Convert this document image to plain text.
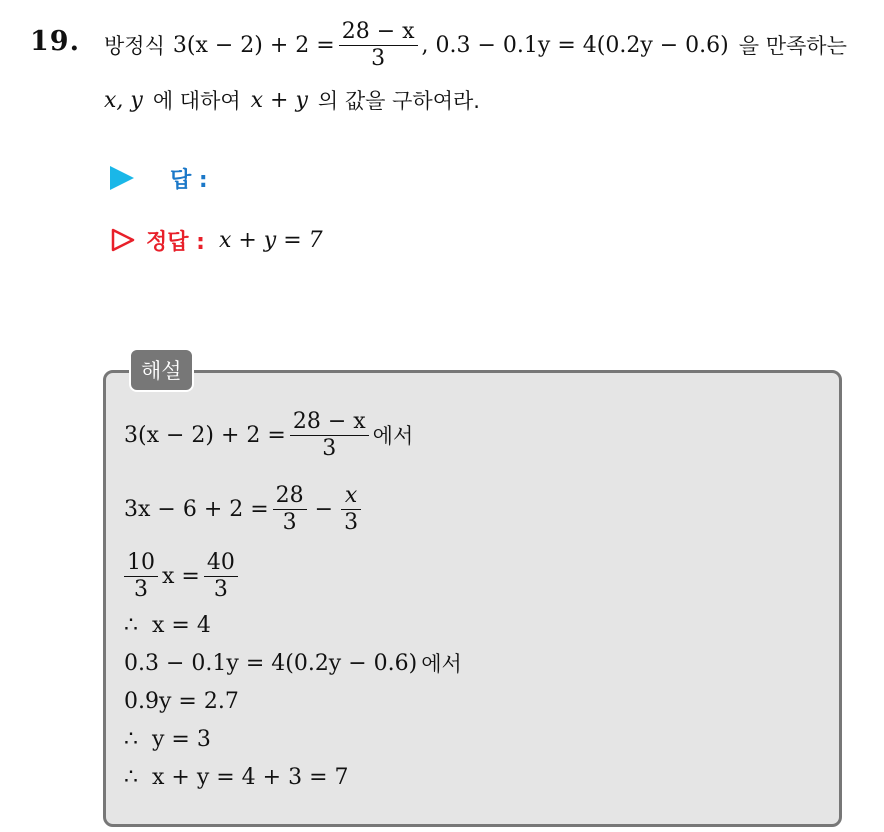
19. 방정식 $3(x - 2) + 2 = \frac{28 - x}{3}$ , 0.3 − 0.1y = 4(0.2y − 0.6) 을 만족하는
x, y 에 대하여 x + y 의 값을 구하여라.
답 :
정답 : x + y = 7
해설
$3(x - 2) + 2 = \frac{28 - x}{3}$ 에서
$3x - 6 + 2 = \frac{28}{3} - \frac{x}{3}$
$\frac{10}{3}$ $x = \frac{40}{3}$
∴ x = 4
0.3 − 0.1y = 4(0.2y − 0.6) 에서
0.9y = 2.7
∴ y = 3
∴ x + y = 4 + 3 = 7
